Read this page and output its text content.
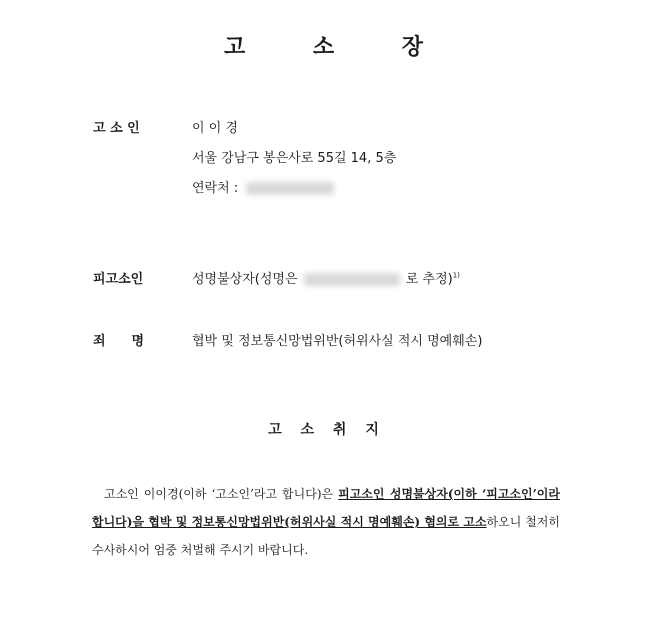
고 소 장
고 소 인	이 이 경
서울 강남구 봉은사로 55길 14, 5층
연락처 :
피고소인	성명불상자(성명은	로 추정)$^{1)}$
죄　　명	협박 및 정보통신망법위반(허위사실 적시 명예훼손)
고 소 취 지
 고소인 이이경(이하 ‘고소인’라고 합니다)은 피고소인 성명불상자(이하 ‘피고소인’이라 합니다)을 협박 및 정보통신망법위반(허위사실 적시 명예훼손) 혐의로 고소하오니 철저히 수사하시어 엄중 처벌해 주시기 바랍니다.
